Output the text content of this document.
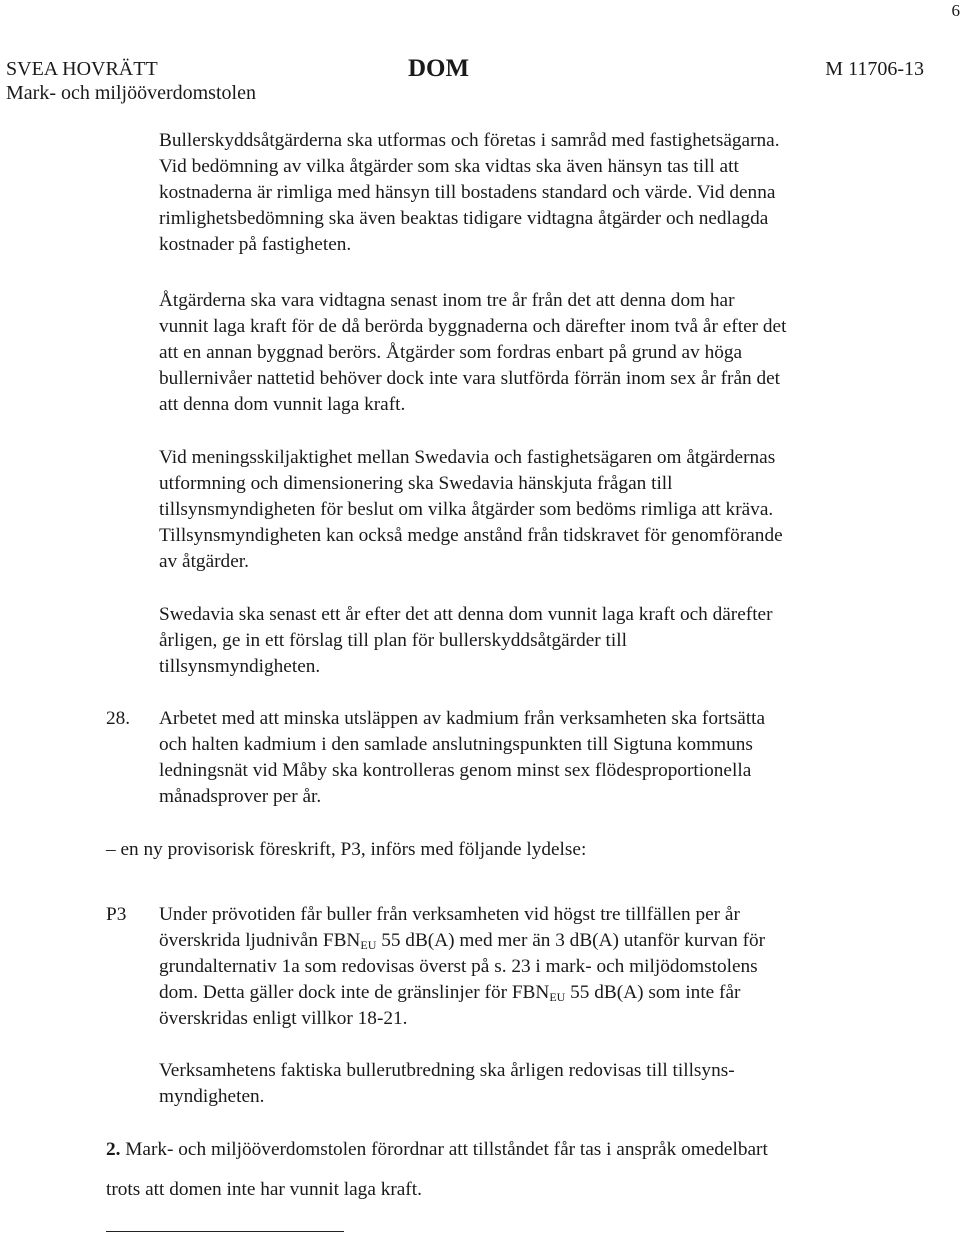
6
SVEA HOVRÄTT
Mark- och miljööverdomstolen
DOM	M 11706-13
Bullerskyddsåtgärderna ska utformas och företas i samråd med fastighetsägarna.
Vid bedömning av vilka åtgärder som ska vidtas ska även hänsyn tas till att
kostnaderna är rimliga med hänsyn till bostadens standard och värde. Vid denna
rimlighetsbedömning ska även beaktas tidigare vidtagna åtgärder och nedlagda
kostnader på fastigheten.
Åtgärderna ska vara vidtagna senast inom tre år från det att denna dom har
vunnit laga kraft för de då berörda byggnaderna och därefter inom två år efter det
att en annan byggnad berörs. Åtgärder som fordras enbart på grund av höga
bullernivåer nattetid behöver dock inte vara slutförda förrän inom sex år från det
att denna dom vunnit laga kraft.
Vid meningsskiljaktighet mellan Swedavia och fastighetsägaren om åtgärdernas
utformning och dimensionering ska Swedavia hänskjuta frågan till
tillsynsmyndigheten för beslut om vilka åtgärder som bedöms rimliga att kräva.
Tillsynsmyndigheten kan också medge anstånd från tidskravet för genomförande
av åtgärder.
Swedavia ska senast ett år efter det att denna dom vunnit laga kraft och därefter
årligen, ge in ett förslag till plan för bullerskyddsåtgärder till
tillsynsmyndigheten.
28. Arbetet med att minska utsläppen av kadmium från verksamheten ska fortsätta
och halten kadmium i den samlade anslutningspunkten till Sigtuna kommuns
ledningsnät vid Måby ska kontrolleras genom minst sex flödesproportionella
månadsprover per år.
– en ny provisorisk föreskrift, P3, införs med följande lydelse:
P3 Under prövotiden får buller från verksamheten vid högst tre tillfällen per år
överskrida ljudnivån $FBN_{EU}$ 55 dB(A) med mer än 3 dB(A) utanför kurvan för
grundalternativ 1a som redovisas överst på s. 23 i mark- och miljödomstolens
dom. Detta gäller dock inte de gränslinjer för $FBN_{EU}$ 55 dB(A) som inte får
överskridas enligt villkor 18-21.
Verksamhetens faktiska bullerutbredning ska årligen redovisas till tillsyns-
myndigheten.
2. Mark- och miljööverdomstolen förordnar att tillståndet får tas i anspråk omedelbart
trots att domen inte har vunnit laga kraft.
